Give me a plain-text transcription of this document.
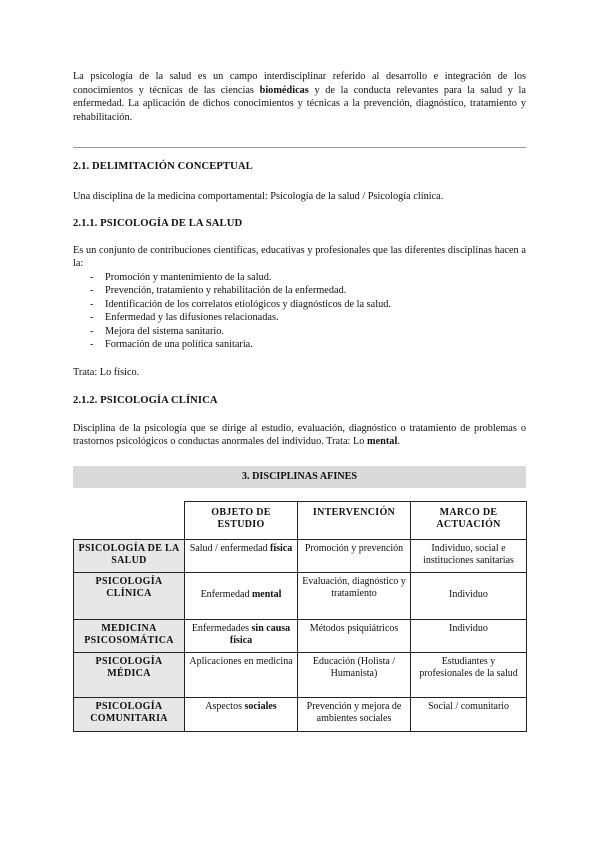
La psicología de la salud es un campo interdisciplinar referido al desarrollo e integración de los conocimientos y técnicas de las ciencias biomédicas y de la conducta relevantes para la salud y la enfermedad. La aplicación de dichos conocimientos y técnicas a la prevención, diagnóstico, tratamiento y rehabilitación.

2.1. DELIMITACIÓN CONCEPTUAL

Una disciplina de la medicina comportamental: Psicología de la salud / Psicología clínica.

2.1.1. PSICOLOGÍA DE LA SALUD

Es un conjunto de contribuciones científicas, educativas y profesionales que las diferentes disciplinas hacen a la:

- Promoción y mantenimiento de la salud.
- Prevención, tratamiento y rehabilitación de la enfermedad.
- Identificación de los correlatos etiológicos y diagnósticos de la salud.
- Enfermedad y las difusiones relacionadas.
- Mejora del sistema sanitario.
- Formación de una política sanitaria.

Trata: Lo físico.

2.1.2. PSICOLOGÍA CLÍNICA

Disciplina de la psicología que se dirige al estudio, evaluación, diagnóstico o tratamiento de problemas o trastornos psicológicos o conductas anormales del individuo. Trata: Lo mental.

3. DISCIPLINAS AFINES
	OBJETO DE ESTUDIO	INTERVENCIÓN	MARCO DE ACTUACIÓN
PSICOLOGÍA DE LA SALUD	Salud / enfermedad física	Promoción y prevención	Individuo, social e instituciones sanitarias
PSICOLOGÍA CLÍNICA	Enfermedad mental	Evaluación, diagnóstico y tratamiento	Individuo
MEDICINA PSICOSOMÁTICA	Enfermedades sin causa física	Métodos psiquiátricos	Individuo
PSICOLOGÍA MÉDICA	Aplicaciones en medicina	Educación (Holista / Humanista)	Estudiantes y profesionales de la salud
PSICOLOGÍA COMUNITARIA	Aspectos sociales	Prevención y mejora de ambientes sociales	Social / comunitario
